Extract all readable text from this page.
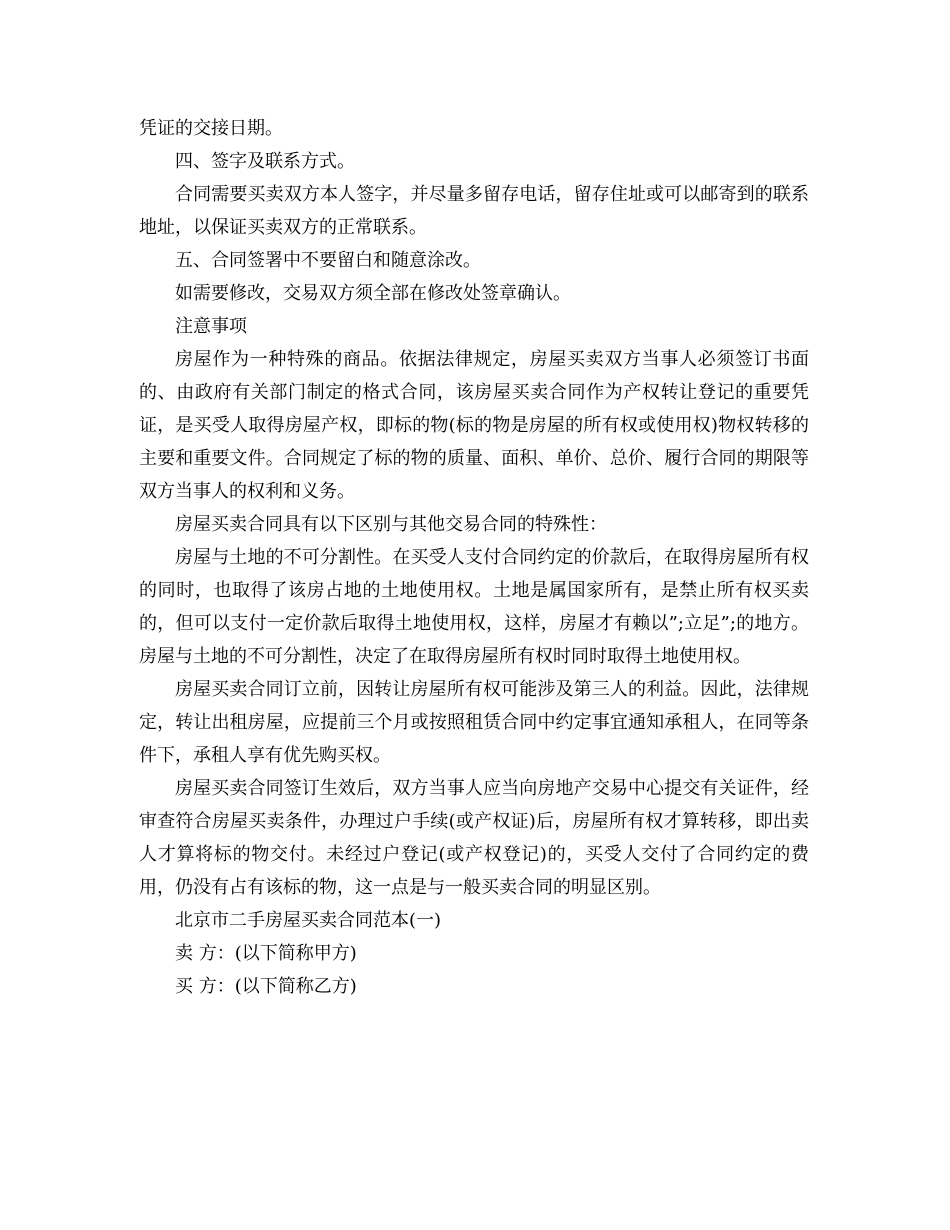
凭证的交接日期。

四、签字及联系方式。

合同需要买卖双方本人签字，并尽量多留存电话，留存住址或可以邮寄到的联系地址，以保证买卖双方的正常联系。

五、合同签署中不要留白和随意涂改。

如需要修改，交易双方须全部在修改处签章确认。

注意事项

房屋作为一种特殊的商品。依据法律规定，房屋买卖双方当事人必须签订书面的、由政府有关部门制定的格式合同，该房屋买卖合同作为产权转让登记的重要凭证，是买受人取得房屋产权，即标的物(标的物是房屋的所有权或使用权)物权转移的主要和重要文件。合同规定了标的物的质量、面积、单价、总价、履行合同的期限等双方当事人的权利和义务。

房屋买卖合同具有以下区别与其他交易合同的特殊性：

房屋与土地的不可分割性。在买受人支付合同约定的价款后，在取得房屋所有权的同时，也取得了该房占地的土地使用权。土地是属国家所有，是禁止所有权买卖的，但可以支付一定价款后取得土地使用权，这样，房屋才有赖以”;立足”;的地方。房屋与土地的不可分割性，决定了在取得房屋所有权时同时取得土地使用权。

房屋买卖合同订立前，因转让房屋所有权可能涉及第三人的利益。因此，法律规定，转让出租房屋，应提前三个月或按照租赁合同中约定事宜通知承租人，在同等条件下，承租人享有优先购买权。

房屋买卖合同签订生效后，双方当事人应当向房地产交易中心提交有关证件，经审查符合房屋买卖条件，办理过户手续(或产权证)后，房屋所有权才算转移，即出卖人才算将标的物交付。未经过户登记(或产权登记)的，买受人交付了合同约定的费用，仍没有占有该标的物，这一点是与一般买卖合同的明显区别。

北京市二手房屋买卖合同范本(一)

卖 方：(以下简称甲方)

买 方：(以下简称乙方)
